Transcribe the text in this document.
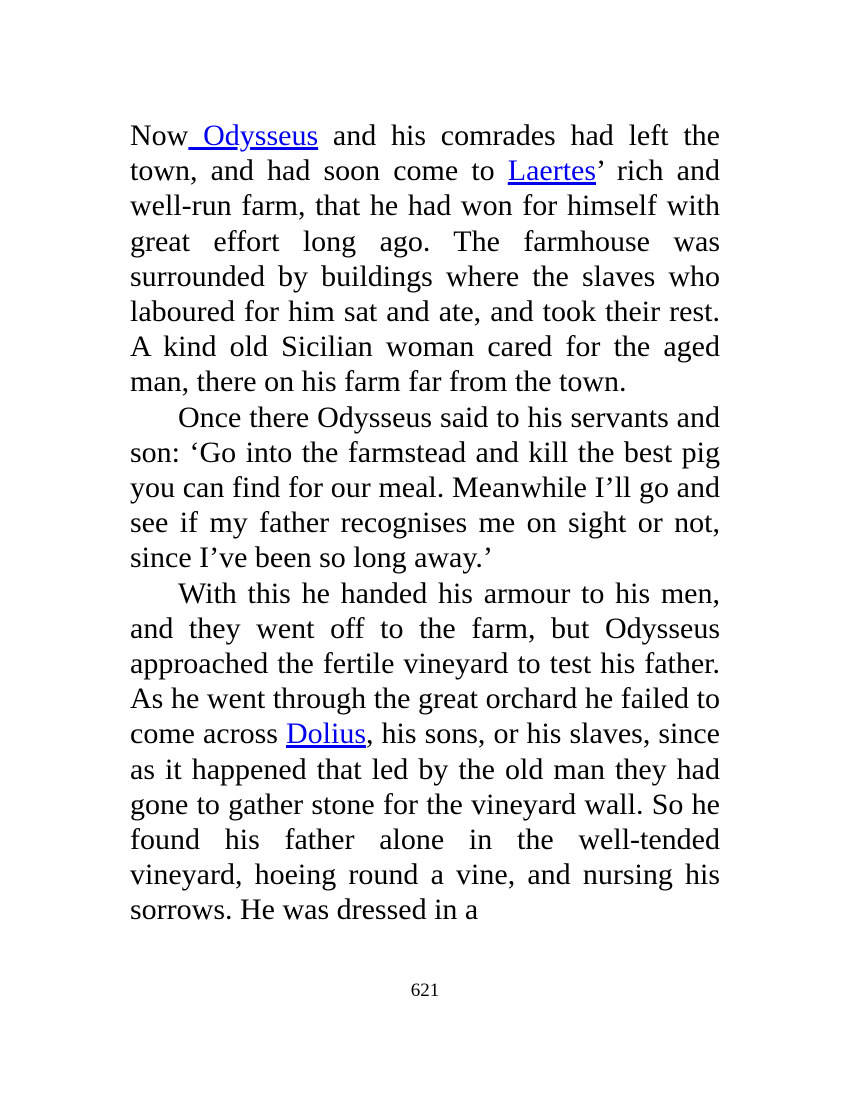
Now Odysseus and his comrades had left the town, and had soon come to Laertes’ rich and well-run farm, that he had won for himself with great effort long ago. The farmhouse was surrounded by buildings where the slaves who laboured for him sat and ate, and took their rest. A kind old Sicilian woman cared for the aged man, there on his farm far from the town.

Once there Odysseus said to his servants and son: ‘Go into the farmstead and kill the best pig you can find for our meal. Meanwhile I’ll go and see if my father recognises me on sight or not, since I’ve been so long away.’

With this he handed his armour to his men, and they went off to the farm, but Odysseus approached the fertile vineyard to test his father. As he went through the great orchard he failed to come across Dolius, his sons, or his slaves, since as it happened that led by the old man they had gone to gather stone for the vineyard wall. So he found his father alone in the well-tended vineyard, hoeing round a vine, and nursing his sorrows. He was dressed in a

621
